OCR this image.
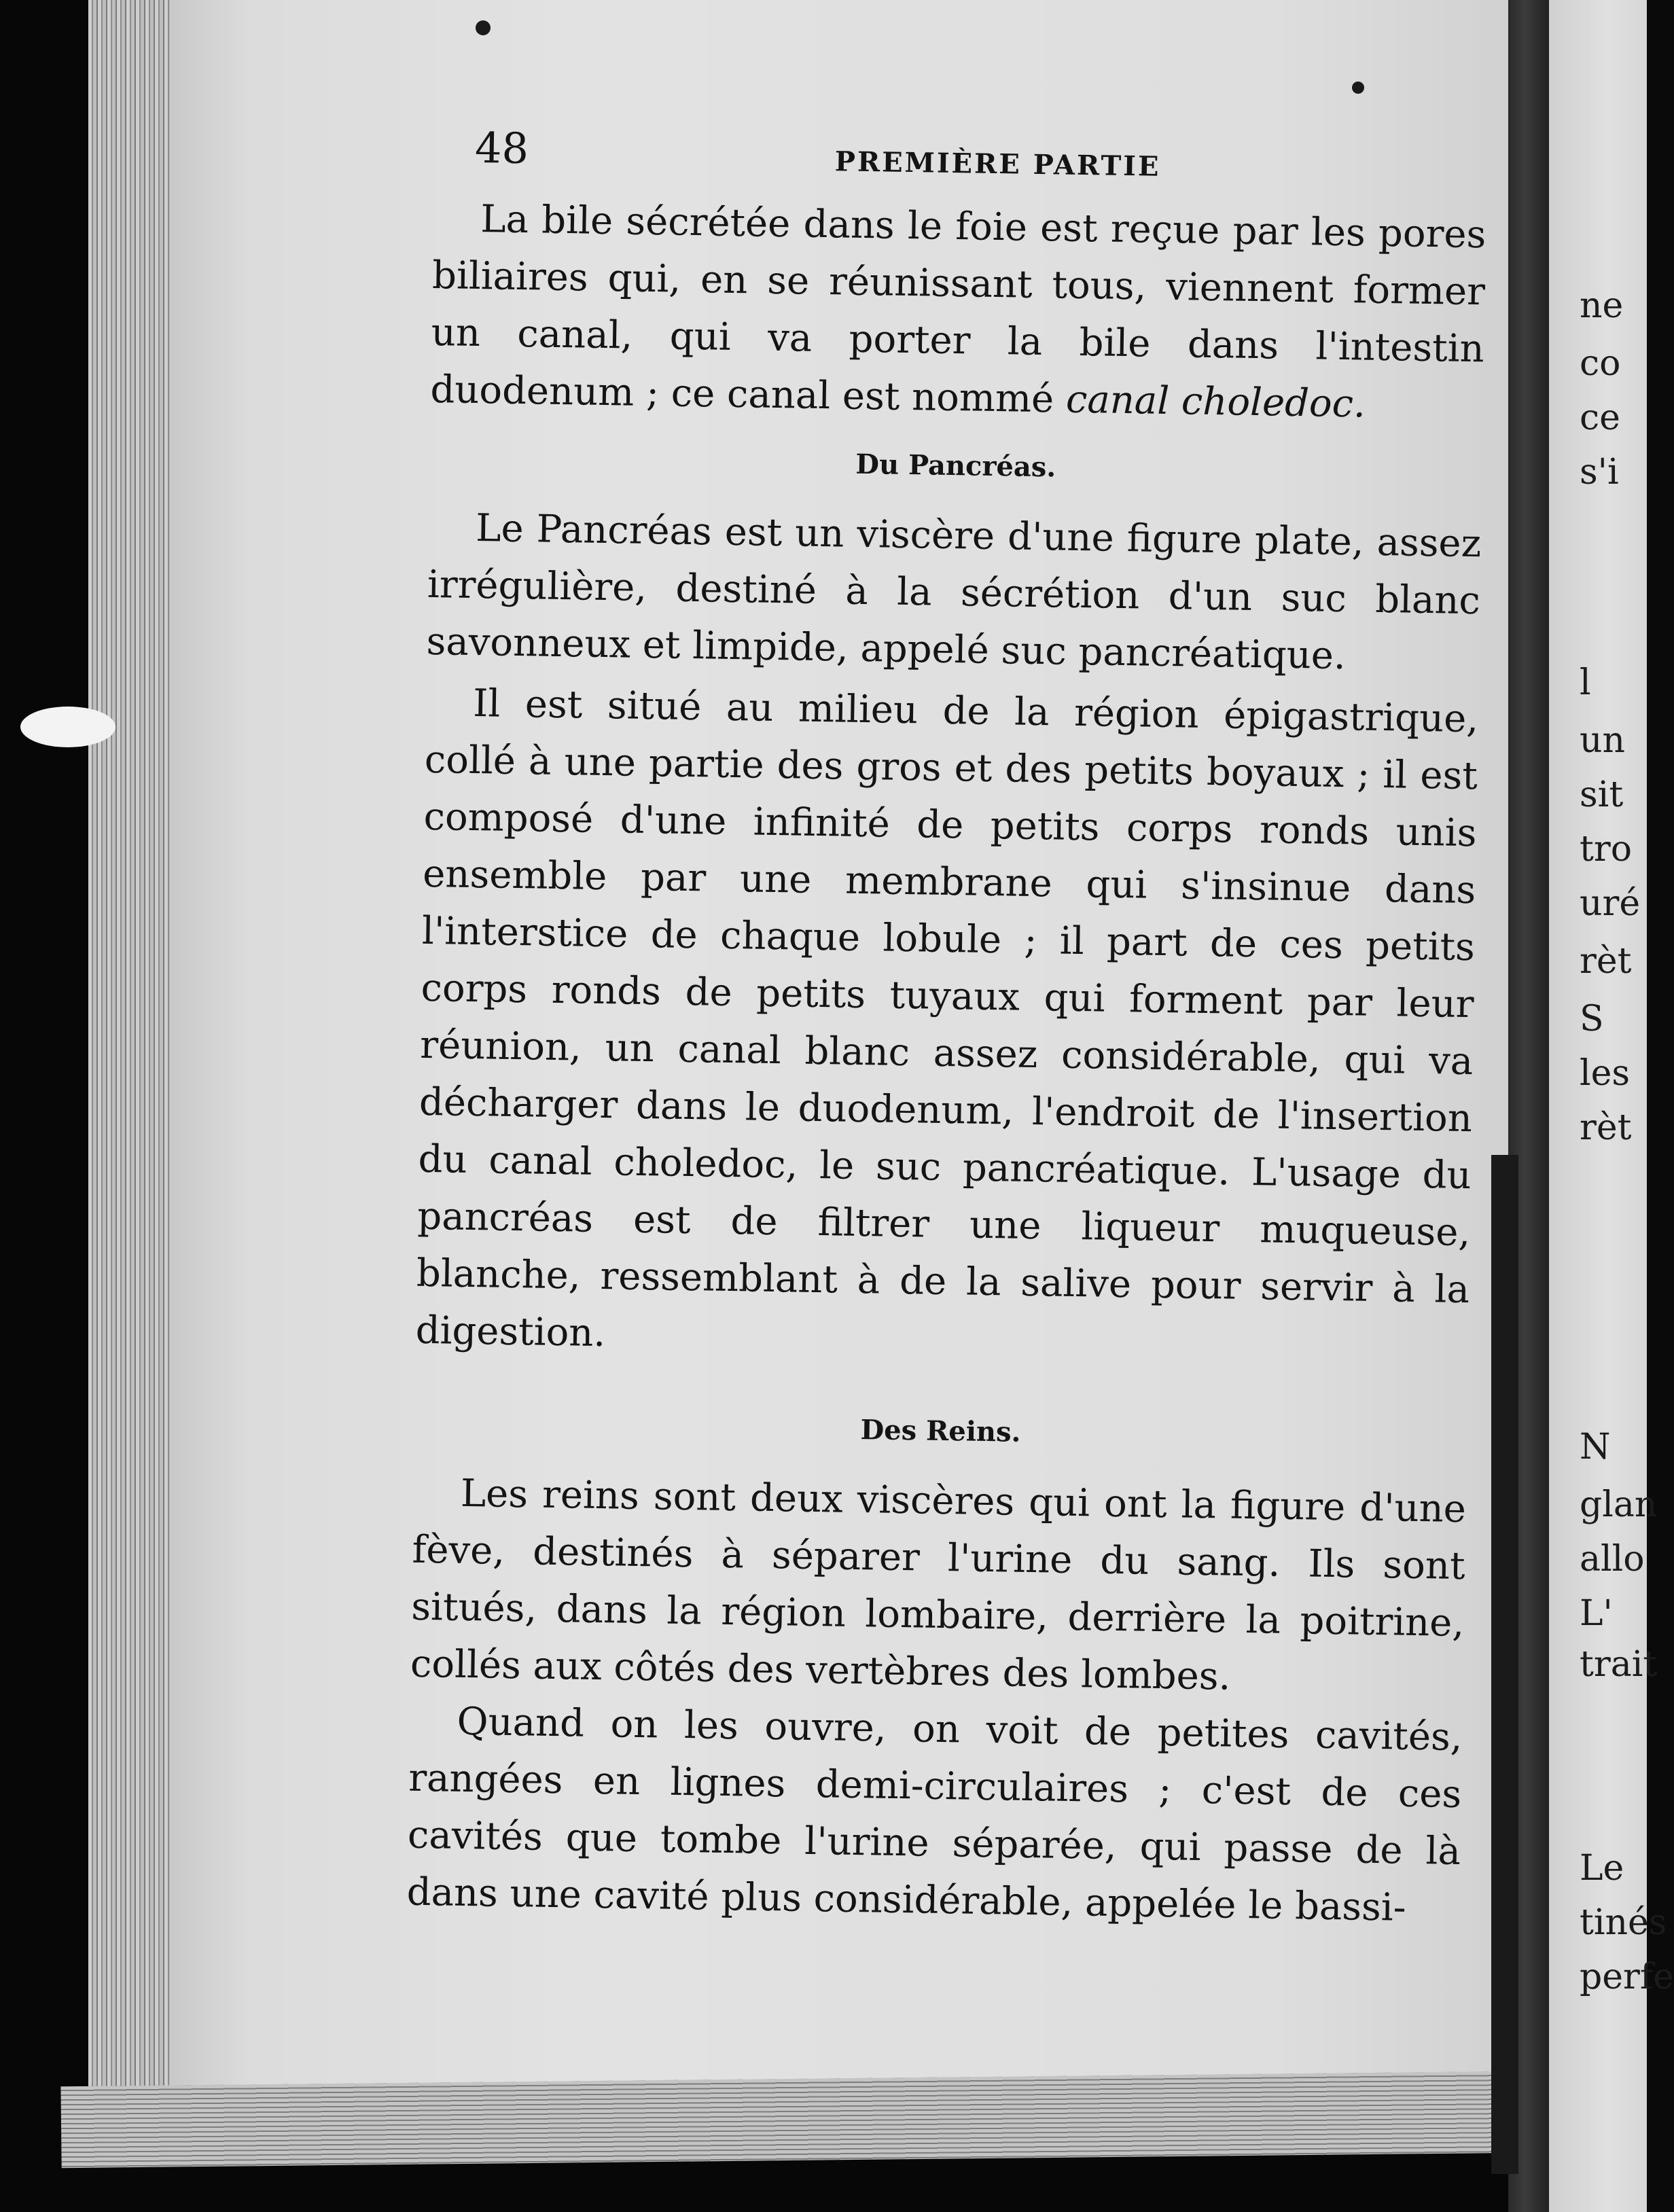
ne
co
ce
s'i
l
un
sit
tro
uré
rèt
S
les
rèt
N
glan
allo
L'
trait
Le
tinés
perfe
48	PREMIÈRE PARTIE

La bile sécrétée dans le foie est reçue par les pores biliaires qui, en se réunissant tous, viennent former un canal, qui va porter la bile dans l'intestin duodenum ; ce canal est nommé canal choledoc.

Du Pancréas.

Le Pancréas est un viscère d'une figure plate, assez irrégulière, destiné à la sécrétion d'un suc blanc savonneux et limpide, appelé suc pancréatique.

Il est situé au milieu de la région épigastrique, collé à une partie des gros et des petits boyaux ; il est composé d'une infinité de petits corps ronds unis ensemble par une membrane qui s'insinue dans l'interstice de chaque lobule ; il part de ces petits corps ronds de petits tuyaux qui forment par leur réunion, un canal blanc assez considérable, qui va décharger dans le duodenum, l'endroit de l'insertion du canal choledoc, le suc pancréatique. L'usage du pancréas est de filtrer une liqueur muqueuse, blanche, ressemblant à de la salive pour servir à la digestion.

Des Reins.

Les reins sont deux viscères qui ont la figure d'une fève, destinés à séparer l'urine du sang. Ils sont situés, dans la région lombaire, derrière la poitrine, collés aux côtés des vertèbres des lombes.

Quand on les ouvre, on voit de petites cavités, rangées en lignes demi-circulaires ; c'est de ces cavités que tombe l'urine séparée, qui passe de là dans une cavité plus considérable, appelée le bassi-
